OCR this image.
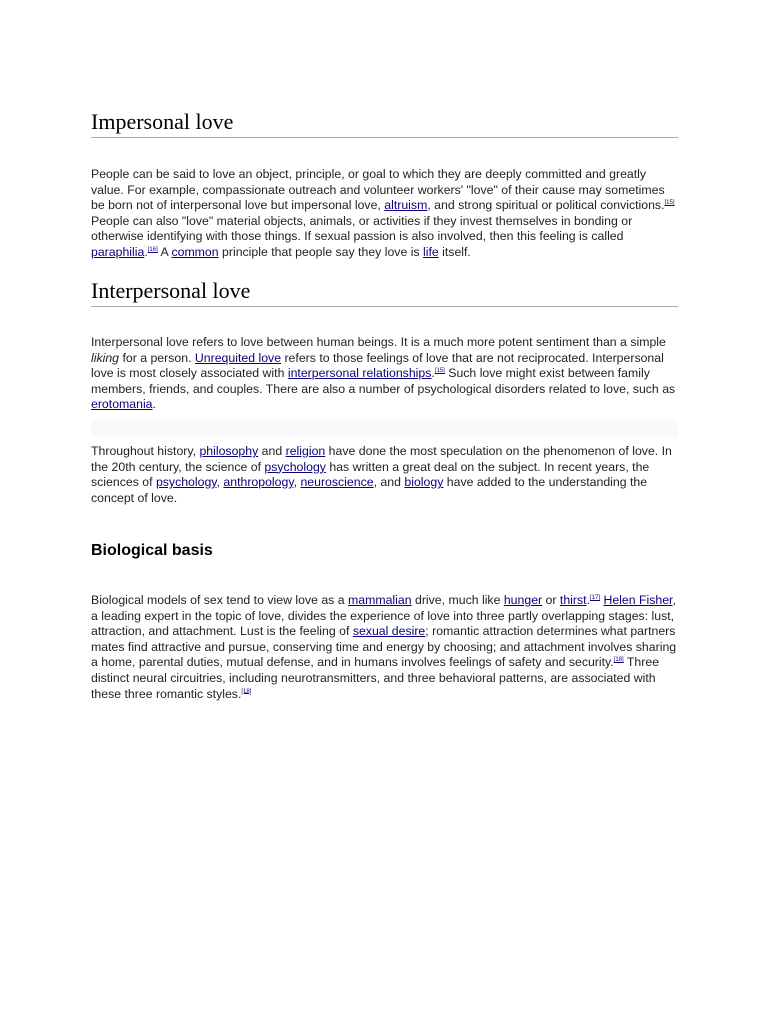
Impersonal love

People can be said to love an object, principle, or goal to which they are deeply committed and greatly value. For example, compassionate outreach and volunteer workers' "love" of their cause may sometimes be born not of interpersonal love but impersonal love, altruism, and strong spiritual or political convictions.[15] People can also "love" material objects, animals, or activities if they invest themselves in bonding or otherwise identifying with those things. If sexual passion is also involved, then this feeling is called paraphilia.[16] A common principle that people say they love is life itself.

Interpersonal love

Interpersonal love refers to love between human beings. It is a much more potent sentiment than a simple liking for a person. Unrequited love refers to those feelings of love that are not reciprocated. Interpersonal love is most closely associated with interpersonal relationships.[15] Such love might exist between family members, friends, and couples. There are also a number of psychological disorders related to love, such as erotomania.

Throughout history, philosophy and religion have done the most speculation on the phenomenon of love. In the 20th century, the science of psychology has written a great deal on the subject. In recent years, the sciences of psychology, anthropology, neuroscience, and biology have added to the understanding the concept of love.

Biological basis

Biological models of sex tend to view love as a mammalian drive, much like hunger or thirst.[17] Helen Fisher, a leading expert in the topic of love, divides the experience of love into three partly overlapping stages: lust, attraction, and attachment. Lust is the feeling of sexual desire; romantic attraction determines what partners mates find attractive and pursue, conserving time and energy by choosing; and attachment involves sharing a home, parental duties, mutual defense, and in humans involves feelings of safety and security.[18] Three distinct neural circuitries, including neurotransmitters, and three behavioral patterns, are associated with these three romantic styles.[18]
